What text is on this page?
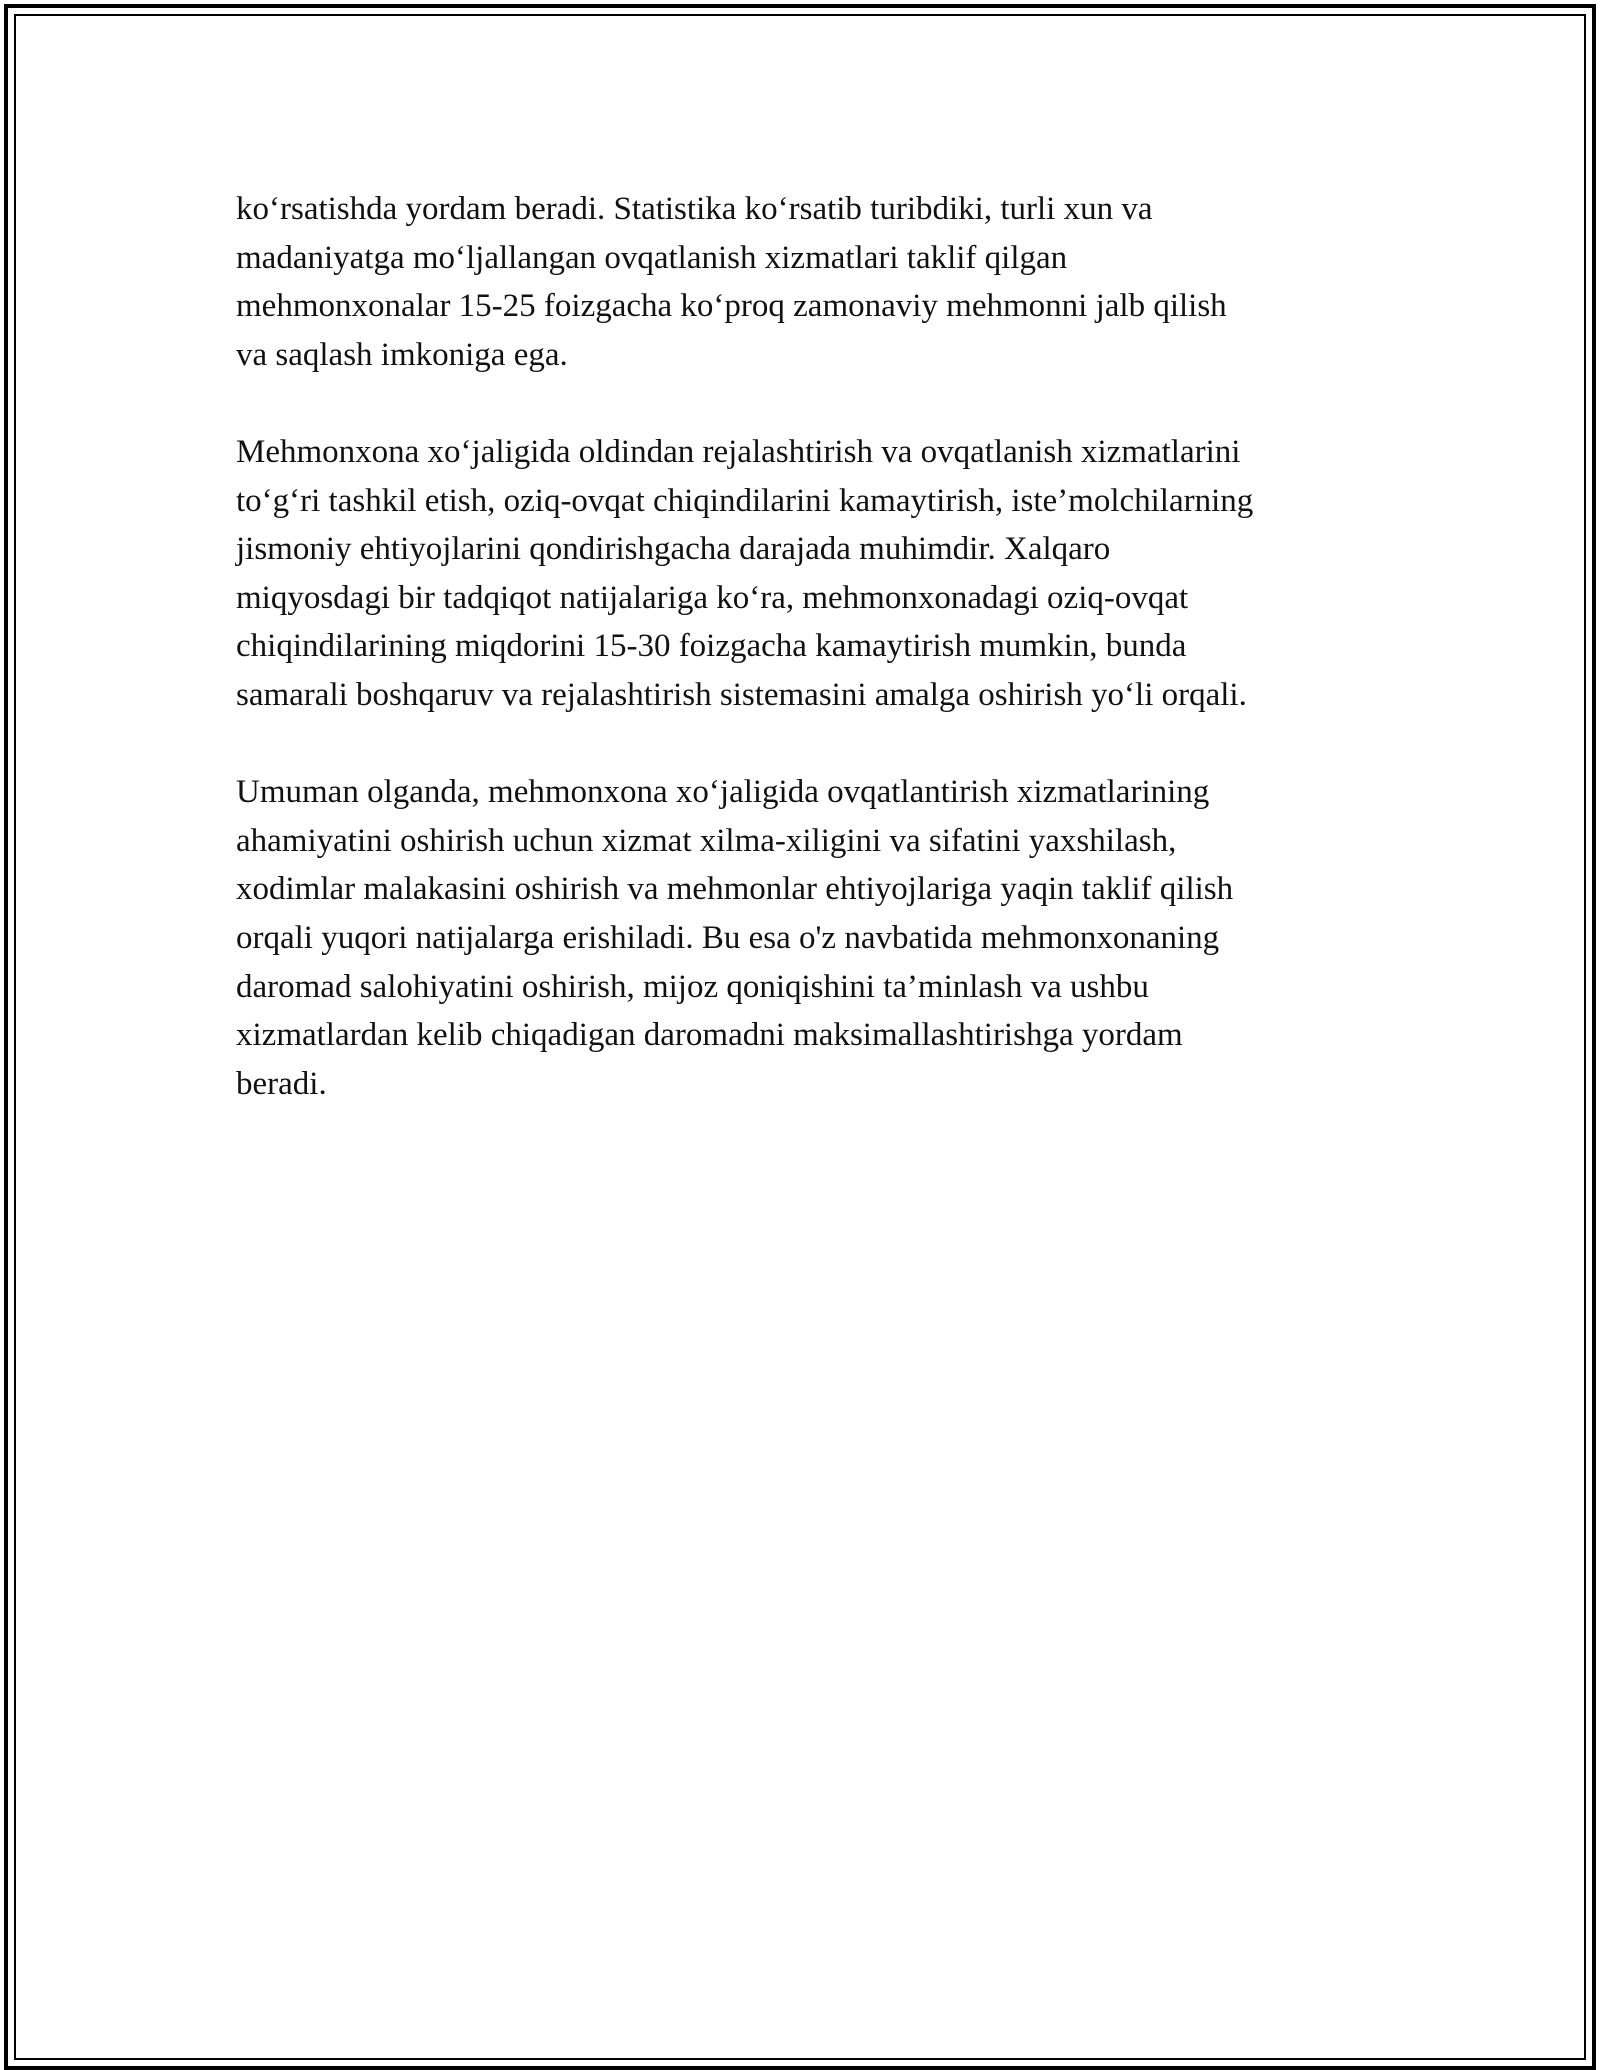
ko‘rsatishda yordam beradi. Statistika ko‘rsatib turibdiki, turli xun va
madaniyatga mo‘ljallangan ovqatlanish xizmatlari taklif qilgan
mehmonxonalar 15-25 foizgacha ko‘proq zamonaviy mehmonni jalb qilish
va saqlash imkoniga ega.

Mehmonxona xo‘jaligida oldindan rejalashtirish va ovqatlanish xizmatlarini
to‘g‘ri tashkil etish, oziq-ovqat chiqindilarini kamaytirish, iste’molchilarning
jismoniy ehtiyojlarini qondirishgacha darajada muhimdir. Xalqaro
miqyosdagi bir tadqiqot natijalariga ko‘ra, mehmonxonadagi oziq-ovqat
chiqindilarining miqdorini 15-30 foizgacha kamaytirish mumkin, bunda
samarali boshqaruv va rejalashtirish sistemasini amalga oshirish yo‘li orqali.

Umuman olganda, mehmonxona xo‘jaligida ovqatlantirish xizmatlarining
ahamiyatini oshirish uchun xizmat xilma-xiligini va sifatini yaxshilash,
xodimlar malakasini oshirish va mehmonlar ehtiyojlariga yaqin taklif qilish
orqali yuqori natijalarga erishiladi. Bu esa o'z navbatida mehmonxonaning
daromad salohiyatini oshirish, mijoz qoniqishini ta’minlash va ushbu
xizmatlardan kelib chiqadigan daromadni maksimallashtirishga yordam
beradi.
